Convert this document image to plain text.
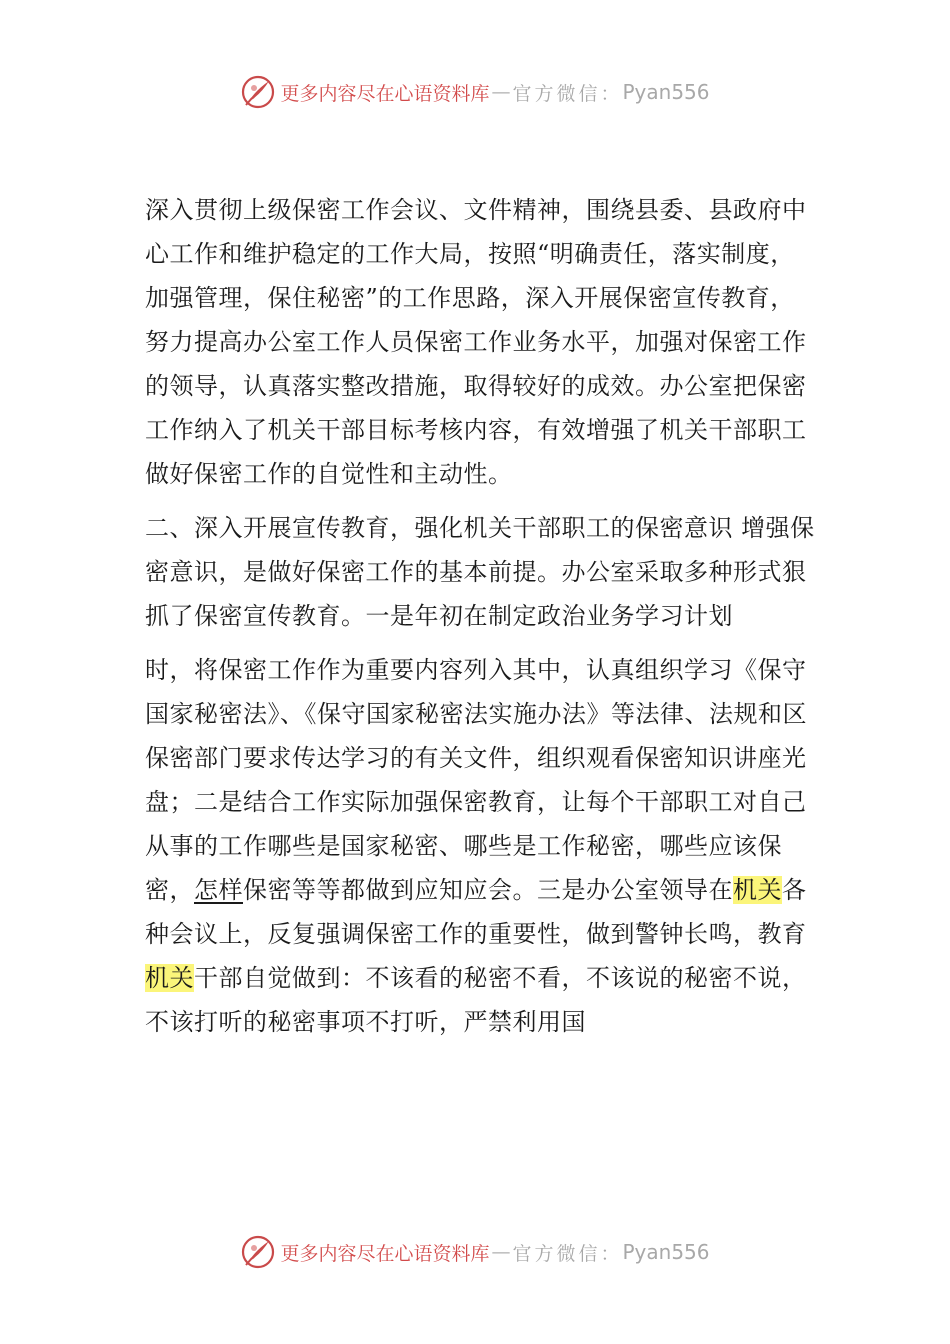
更多内容尽在心语资料库 — 官方微信： Pyan556

深入贯彻上级保密工作会议、文件精神，围绕县委、县政府中心工作和维护稳定的工作大局，按照“明确责任，落实制度，加强管理，保住秘密”的工作思路，深入开展保密宣传教育，努力提高办公室工作人员保密工作业务水平，加强对保密工作的领导，认真落实整改措施，取得较好的成效。办公室把保密工作纳入了机关干部目标考核内容，有效增强了机关干部职工做好保密工作的自觉性和主动性。

二、深入开展宣传教育，强化机关干部职工的保密意识 增强保密意识，是做好保密工作的基本前提。办公室采取多种形式狠抓了保密宣传教育。一是年初在制定政治业务学习计划

时，将保密工作作为重要内容列入其中，认真组织学习《保守国家秘密法》、《保守国家秘密法实施办法》等法律、法规和区保密部门要求传达学习的有关文件，组织观看保密知识讲座光盘；二是结合工作实际加强保密教育，让每个干部职工对自己从事的工作哪些是国家秘密、哪些是工作秘密，哪些应该保密，怎样保密等等都做到应知应会。三是办公室领导在机关各种会议上，反复强调保密工作的重要性，做到警钟长鸣，教育机关干部自觉做到：不该看的秘密不看，不该说的秘密不说，不该打听的秘密事项不打听，严禁利用国

更多内容尽在心语资料库 — 官方微信： Pyan556
